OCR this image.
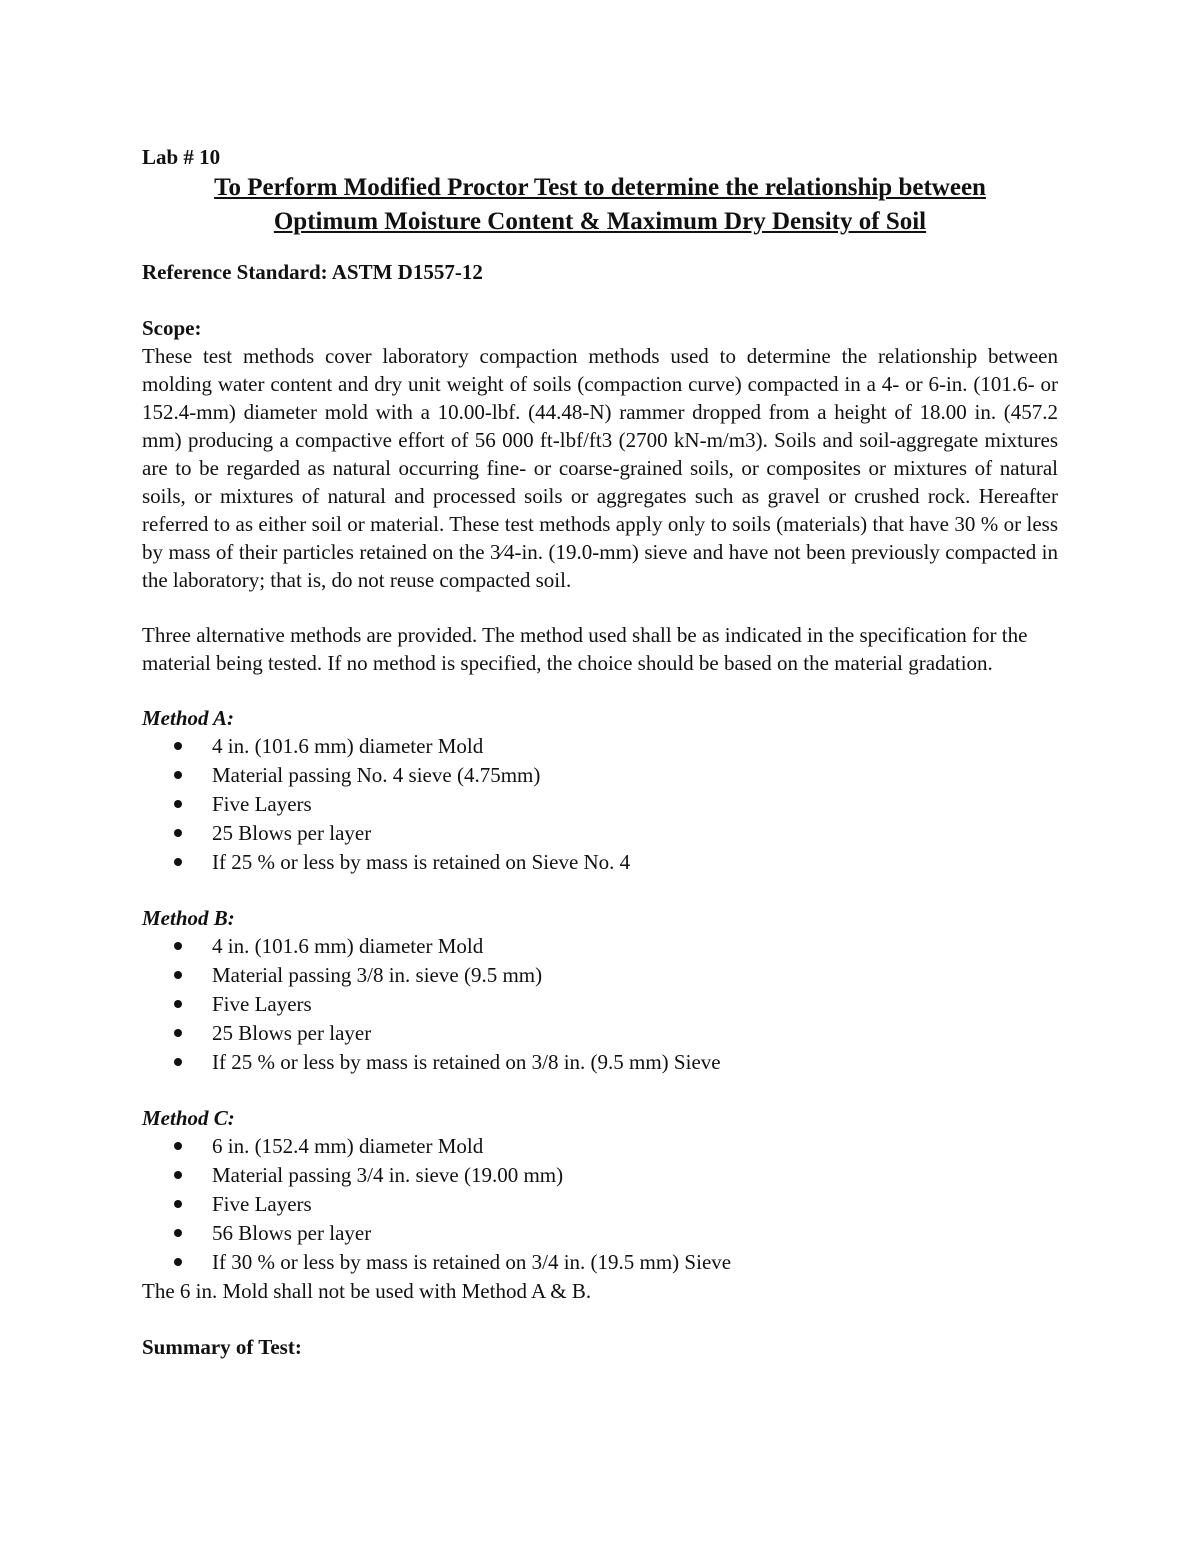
Lab # 10
To Perform Modified Proctor Test to determine the relationship between
Optimum Moisture Content & Maximum Dry Density of Soil
Reference Standard: ASTM D1557-12
Scope:

These test methods cover laboratory compaction methods used to determine the relationship between molding water content and dry unit weight of soils (compaction curve) compacted in a 4- or 6-in. (101.6- or 152.4-mm) diameter mold with a 10.00-lbf. (44.48-N) rammer dropped from a height of 18.00 in. (457.2 mm) producing a compactive effort of 56 000 ft-lbf/ft3 (2700 kN-m/m3). Soils and soil-aggregate mixtures are to be regarded as natural occurring fine- or coarse-grained soils, or composites or mixtures of natural soils, or mixtures of natural and processed soils or aggregates such as gravel or crushed rock. Hereafter referred to as either soil or material. These test methods apply only to soils (materials) that have 30 % or less by mass of their particles retained on the 3⁄4-in. (19.0-mm) sieve and have not been previously compacted in the laboratory; that is, do not reuse compacted soil.

Three alternative methods are provided. The method used shall be as indicated in the specification for the material being tested. If no method is specified, the choice should be based on the material gradation.

Method A:
4 in. (101.6 mm) diameter Mold
Material passing No. 4 sieve (4.75mm)
Five Layers
25 Blows per layer
If 25 % or less by mass is retained on Sieve No. 4
Method B:
4 in. (101.6 mm) diameter Mold
Material passing 3/8 in. sieve (9.5 mm)
Five Layers
25 Blows per layer
If 25 % or less by mass is retained on 3/8 in. (9.5 mm) Sieve
Method C:
6 in. (152.4 mm) diameter Mold
Material passing 3/4 in. sieve (19.00 mm)
Five Layers
56 Blows per layer
If 30 % or less by mass is retained on 3/4 in. (19.5 mm) Sieve

The 6 in. Mold shall not be used with Method A & B.

Summary of Test:
